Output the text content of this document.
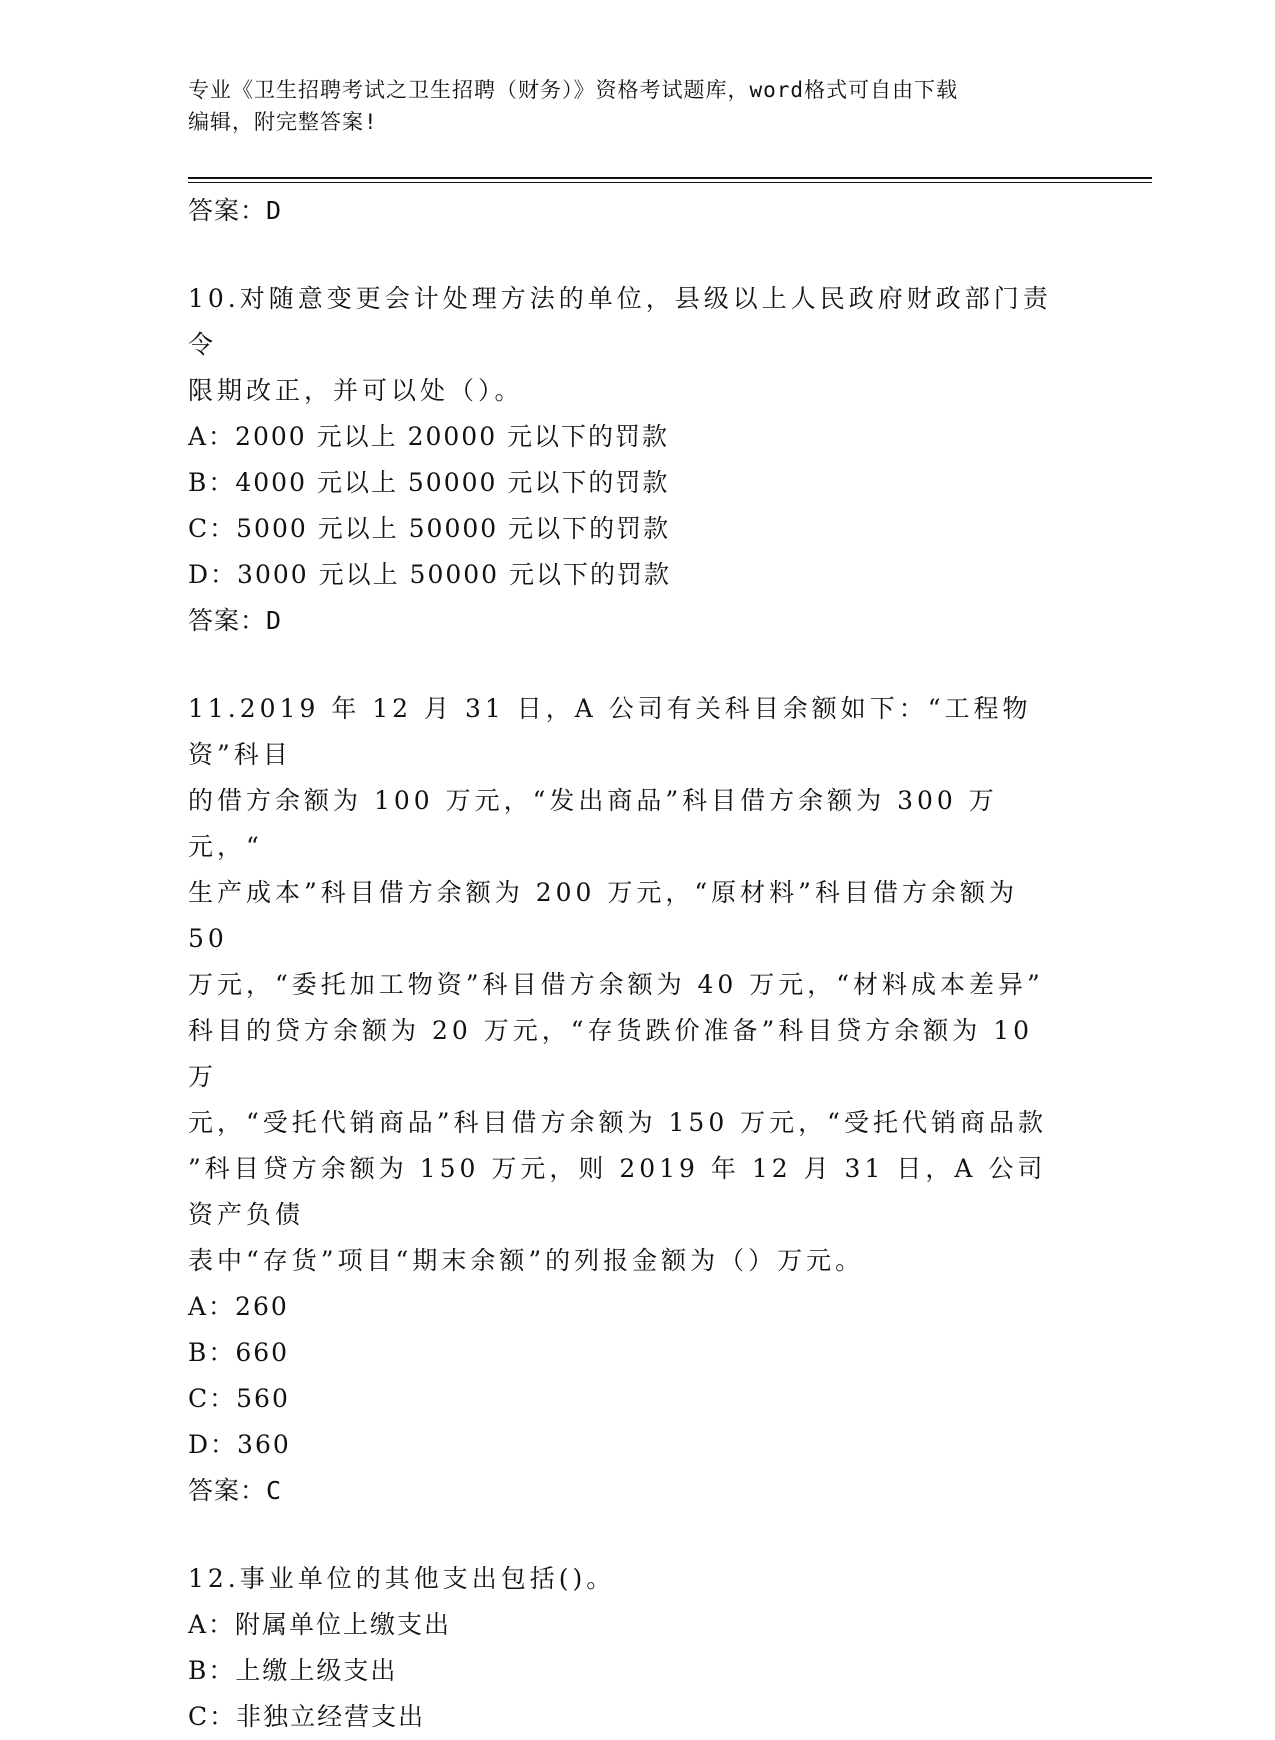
专业《卫生招聘考试之卫生招聘（财务）》资格考试题库，word格式可自由下载
编辑，附完整答案!
答案：D
10.对随意变更会计处理方法的单位，县级以上人民政府财政部门责令
限期改正，并可以处（）。
A：2000 元以上 20000 元以下的罚款
B：4000 元以上 50000 元以下的罚款
C：5000 元以上 50000 元以下的罚款
D：3000 元以上 50000 元以下的罚款
答案：D
11.2019 年 12 月 31 日，A 公司有关科目余额如下：“工程物资”科目
的借方余额为 100 万元，“发出商品”科目借方余额为 300 万元，“
生产成本”科目借方余额为 200 万元，“原材料”科目借方余额为 50
万元，“委托加工物资”科目借方余额为 40 万元，“材料成本差异”
科目的贷方余额为 20 万元，“存货跌价准备”科目贷方余额为 10 万
元，“受托代销商品”科目借方余额为 150 万元，“受托代销商品款
”科目贷方余额为 150 万元，则 2019 年 12 月 31 日，A 公司资产负债
表中“存货”项目“期末余额”的列报金额为（）万元。
A：260
B：660
C：560
D：360
答案：C
12.事业单位的其他支出包括()。
A：附属单位上缴支出
B：上缴上级支出
C：非独立经营支出
